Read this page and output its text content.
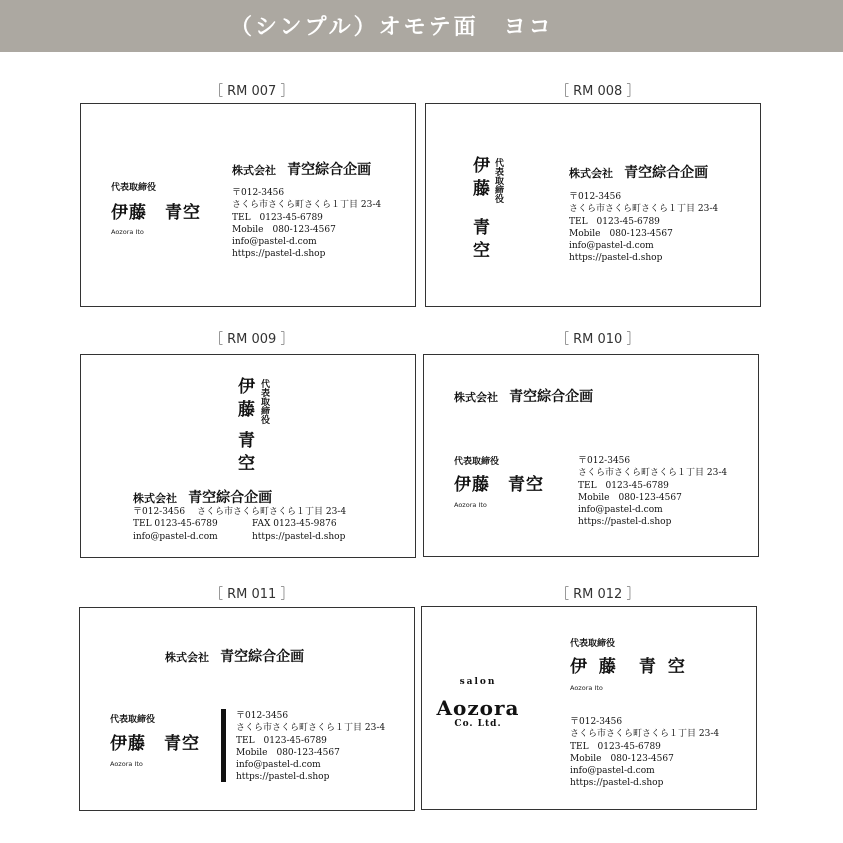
（シンプル）オモテ面　ヨコ
［ RM 007 ］
代表取締役
伊藤　青空
Aozora Ito
株式会社 青空綜合企画
〒012-3456
さくら市さくら町さくら１丁目 23-4
TEL　0123-45-6789
Mobile　080-123-4567
info@pastel-d.com
https://pastel-d.shop
［ RM 008 ］
伊藤
青空
代表取締役	株式会社 青空綜合企画
〒012-3456
さくら市さくら町さくら１丁目 23-4
TEL　0123-45-6789
Mobile　080-123-4567
info@pastel-d.com
https://pastel-d.shop
［ RM 009 ］
伊藤
青空
代表取締役
株式会社 青空綜合企画
〒012-3456　 さくら市さくら町さくら１丁目 23-4
TEL 0123-45-6789	FAX 0123-45-9876
info@pastel-d.com	https://pastel-d.shop
［ RM 010 ］
株式会社 青空綜合企画
代表取締役
伊藤　青空
Aozora Ito
〒012-3456
さくら市さくら町さくら１丁目 23-4
TEL　0123-45-6789
Mobile　080-123-4567
info@pastel-d.com
https://pastel-d.shop
［ RM 011 ］
株式会社 青空綜合企画
代表取締役
伊藤　青空
Aozora Ito
〒012-3456
さくら市さくら町さくら１丁目 23-4
TEL　0123-45-6789
Mobile　080-123-4567
info@pastel-d.com
https://pastel-d.shop
［ RM 012 ］
salon
Aozora
Co. Ltd.
代表取締役
伊 藤　青 空
Aozora Ito
〒012-3456
さくら市さくら町さくら１丁目 23-4
TEL　0123-45-6789
Mobile　080-123-4567
info@pastel-d.com
https://pastel-d.shop
